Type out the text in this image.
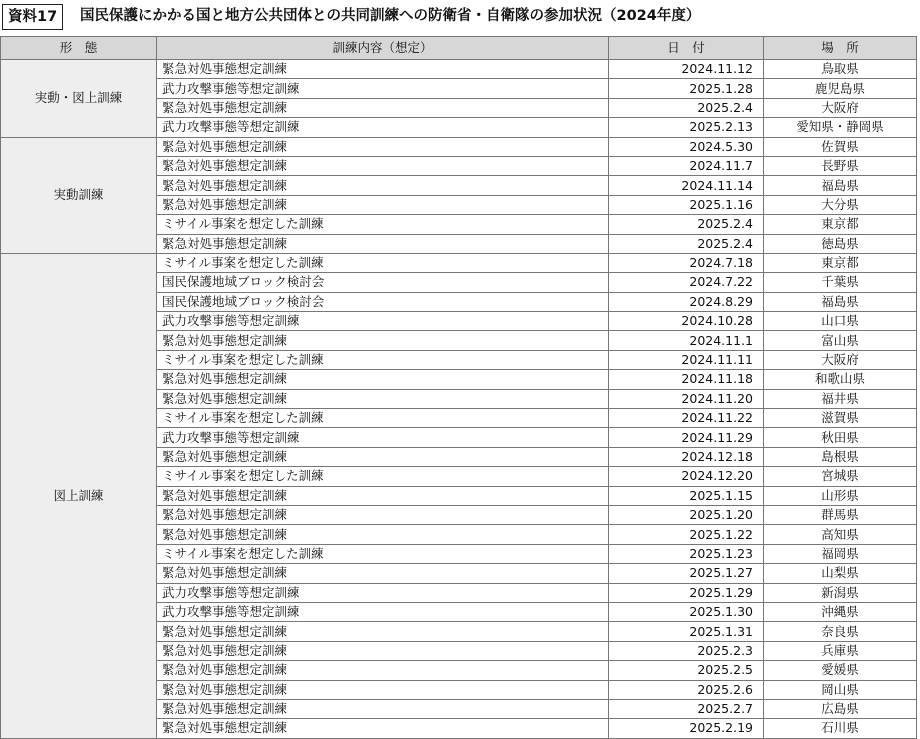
資料17	国民保護にかかる国と地方公共団体との共同訓練への防衛省・自衛隊の参加状況（2024年度）
形　態	訓練内容（想定）	日　付	場　所
実動・図上訓練	緊急対処事態想定訓練	2024.11.12	鳥取県
	武力攻撃事態等想定訓練	2025.1.28	鹿児島県
	緊急対処事態想定訓練	2025.2.4	大阪府
	武力攻撃事態等想定訓練	2025.2.13	愛知県・静岡県
実動訓練	緊急対処事態想定訓練	2024.5.30	佐賀県
	緊急対処事態想定訓練	2024.11.7	長野県
	緊急対処事態想定訓練	2024.11.14	福島県
	緊急対処事態想定訓練	2025.1.16	大分県
	ミサイル事案を想定した訓練	2025.2.4	東京都
	緊急対処事態想定訓練	2025.2.4	徳島県
図上訓練	ミサイル事案を想定した訓練	2024.7.18	東京都
	国民保護地域ブロック検討会	2024.7.22	千葉県
	国民保護地域ブロック検討会	2024.8.29	福島県
	武力攻撃事態等想定訓練	2024.10.28	山口県
	緊急対処事態想定訓練	2024.11.1	富山県
	ミサイル事案を想定した訓練	2024.11.11	大阪府
	緊急対処事態想定訓練	2024.11.18	和歌山県
	緊急対処事態想定訓練	2024.11.20	福井県
	ミサイル事案を想定した訓練	2024.11.22	滋賀県
	武力攻撃事態等想定訓練	2024.11.29	秋田県
	緊急対処事態想定訓練	2024.12.18	島根県
	ミサイル事案を想定した訓練	2024.12.20	宮城県
	緊急対処事態想定訓練	2025.1.15	山形県
	緊急対処事態想定訓練	2025.1.20	群馬県
	緊急対処事態想定訓練	2025.1.22	高知県
	ミサイル事案を想定した訓練	2025.1.23	福岡県
	緊急対処事態想定訓練	2025.1.27	山梨県
	武力攻撃事態等想定訓練	2025.1.29	新潟県
	武力攻撃事態等想定訓練	2025.1.30	沖縄県
	緊急対処事態想定訓練	2025.1.31	奈良県
	緊急対処事態想定訓練	2025.2.3	兵庫県
	緊急対処事態想定訓練	2025.2.5	愛媛県
	緊急対処事態想定訓練	2025.2.6	岡山県
	緊急対処事態想定訓練	2025.2.7	広島県
	緊急対処事態想定訓練	2025.2.19	石川県
